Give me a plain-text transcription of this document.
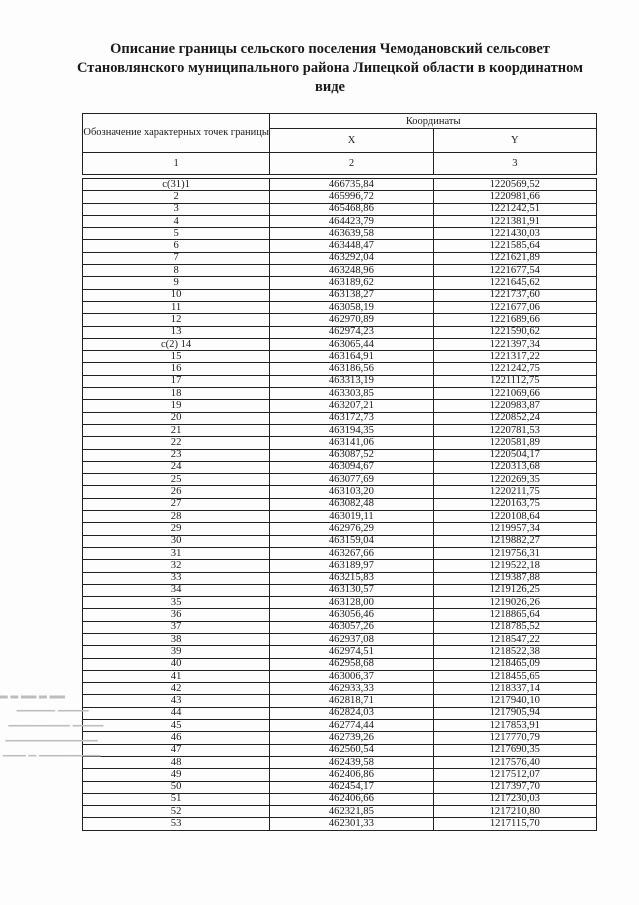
Описание границы сельского поселения Чемодановский сельсовет
Становлянского муниципального района Липецкой области в координатном
виде
Обозначение характерных точек границы	Координаты	
	X	Y
1	2	3
с(31)1	466735,84	1220569,52
2	465996,72	1220981,66
3	465468,86	1221242,51
4	464423,79	1221381,91
5	463639,58	1221430,03
6	463448,47	1221585,64
7	463292,04	1221621,89
8	463248,96	1221677,54
9	463189,62	1221645,62
10	463138,27	1221737,60
11	463058,19	1221677,06
12	462970,89	1221689,66
13	462974,23	1221590,62
с(2) 14	463065,44	1221397,34
15	463164,91	1221317,22
16	463186,56	1221242,75
17	463313,19	1221112,75
18	463303,85	1221069,66
19	463207,21	1220983,87
20	463172,73	1220852,24
21	463194,35	1220781,53
22	463141,06	1220581,89
23	463087,52	1220504,17
24	463094,67	1220313,68
25	463077,69	1220269,35
26	463103,20	1220211,75
27	463082,48	1220163,75
28	463019,11	1220108,64
29	462976,29	1219957,34
30	463159,04	1219882,27
31	463267,66	1219756,31
32	463189,97	1219522,18
33	463215,83	1219387,88
34	463130,57	1219126,25
35	463128,00	1219026,26
36	463056,46	1218865,64
37	463057,26	1218785,52
38	462937,08	1218547,22
39	462974,51	1218522,38
40	462958,68	1218465,09
41	463006,37	1218455,65
42	462933,33	1218337,14
43	462818,71	1217940,10
44	462824,03	1217905,94
45	462774,44	1217853,91
46	462739,26	1217770,79
47	462560,54	1217690,35
48	462439,58	1217576,40
49	462406,86	1217512,07
50	462454,17	1217397,70
51	462406,66	1217230,03
52	462321,85	1217210,80
53	462301,33	1217115,70
▂ ▂ ▂▂ ▂ ▂▂
▁▁▁▁▁ ▁▁▁▁
▁▁▁▁▁▁▁▁ ▁▁▁▁
▁▁▁▁▁▁▁▁▁▁▁▁
▁▁▁ ▁ ▁▁▁▁▁▁▁▁
